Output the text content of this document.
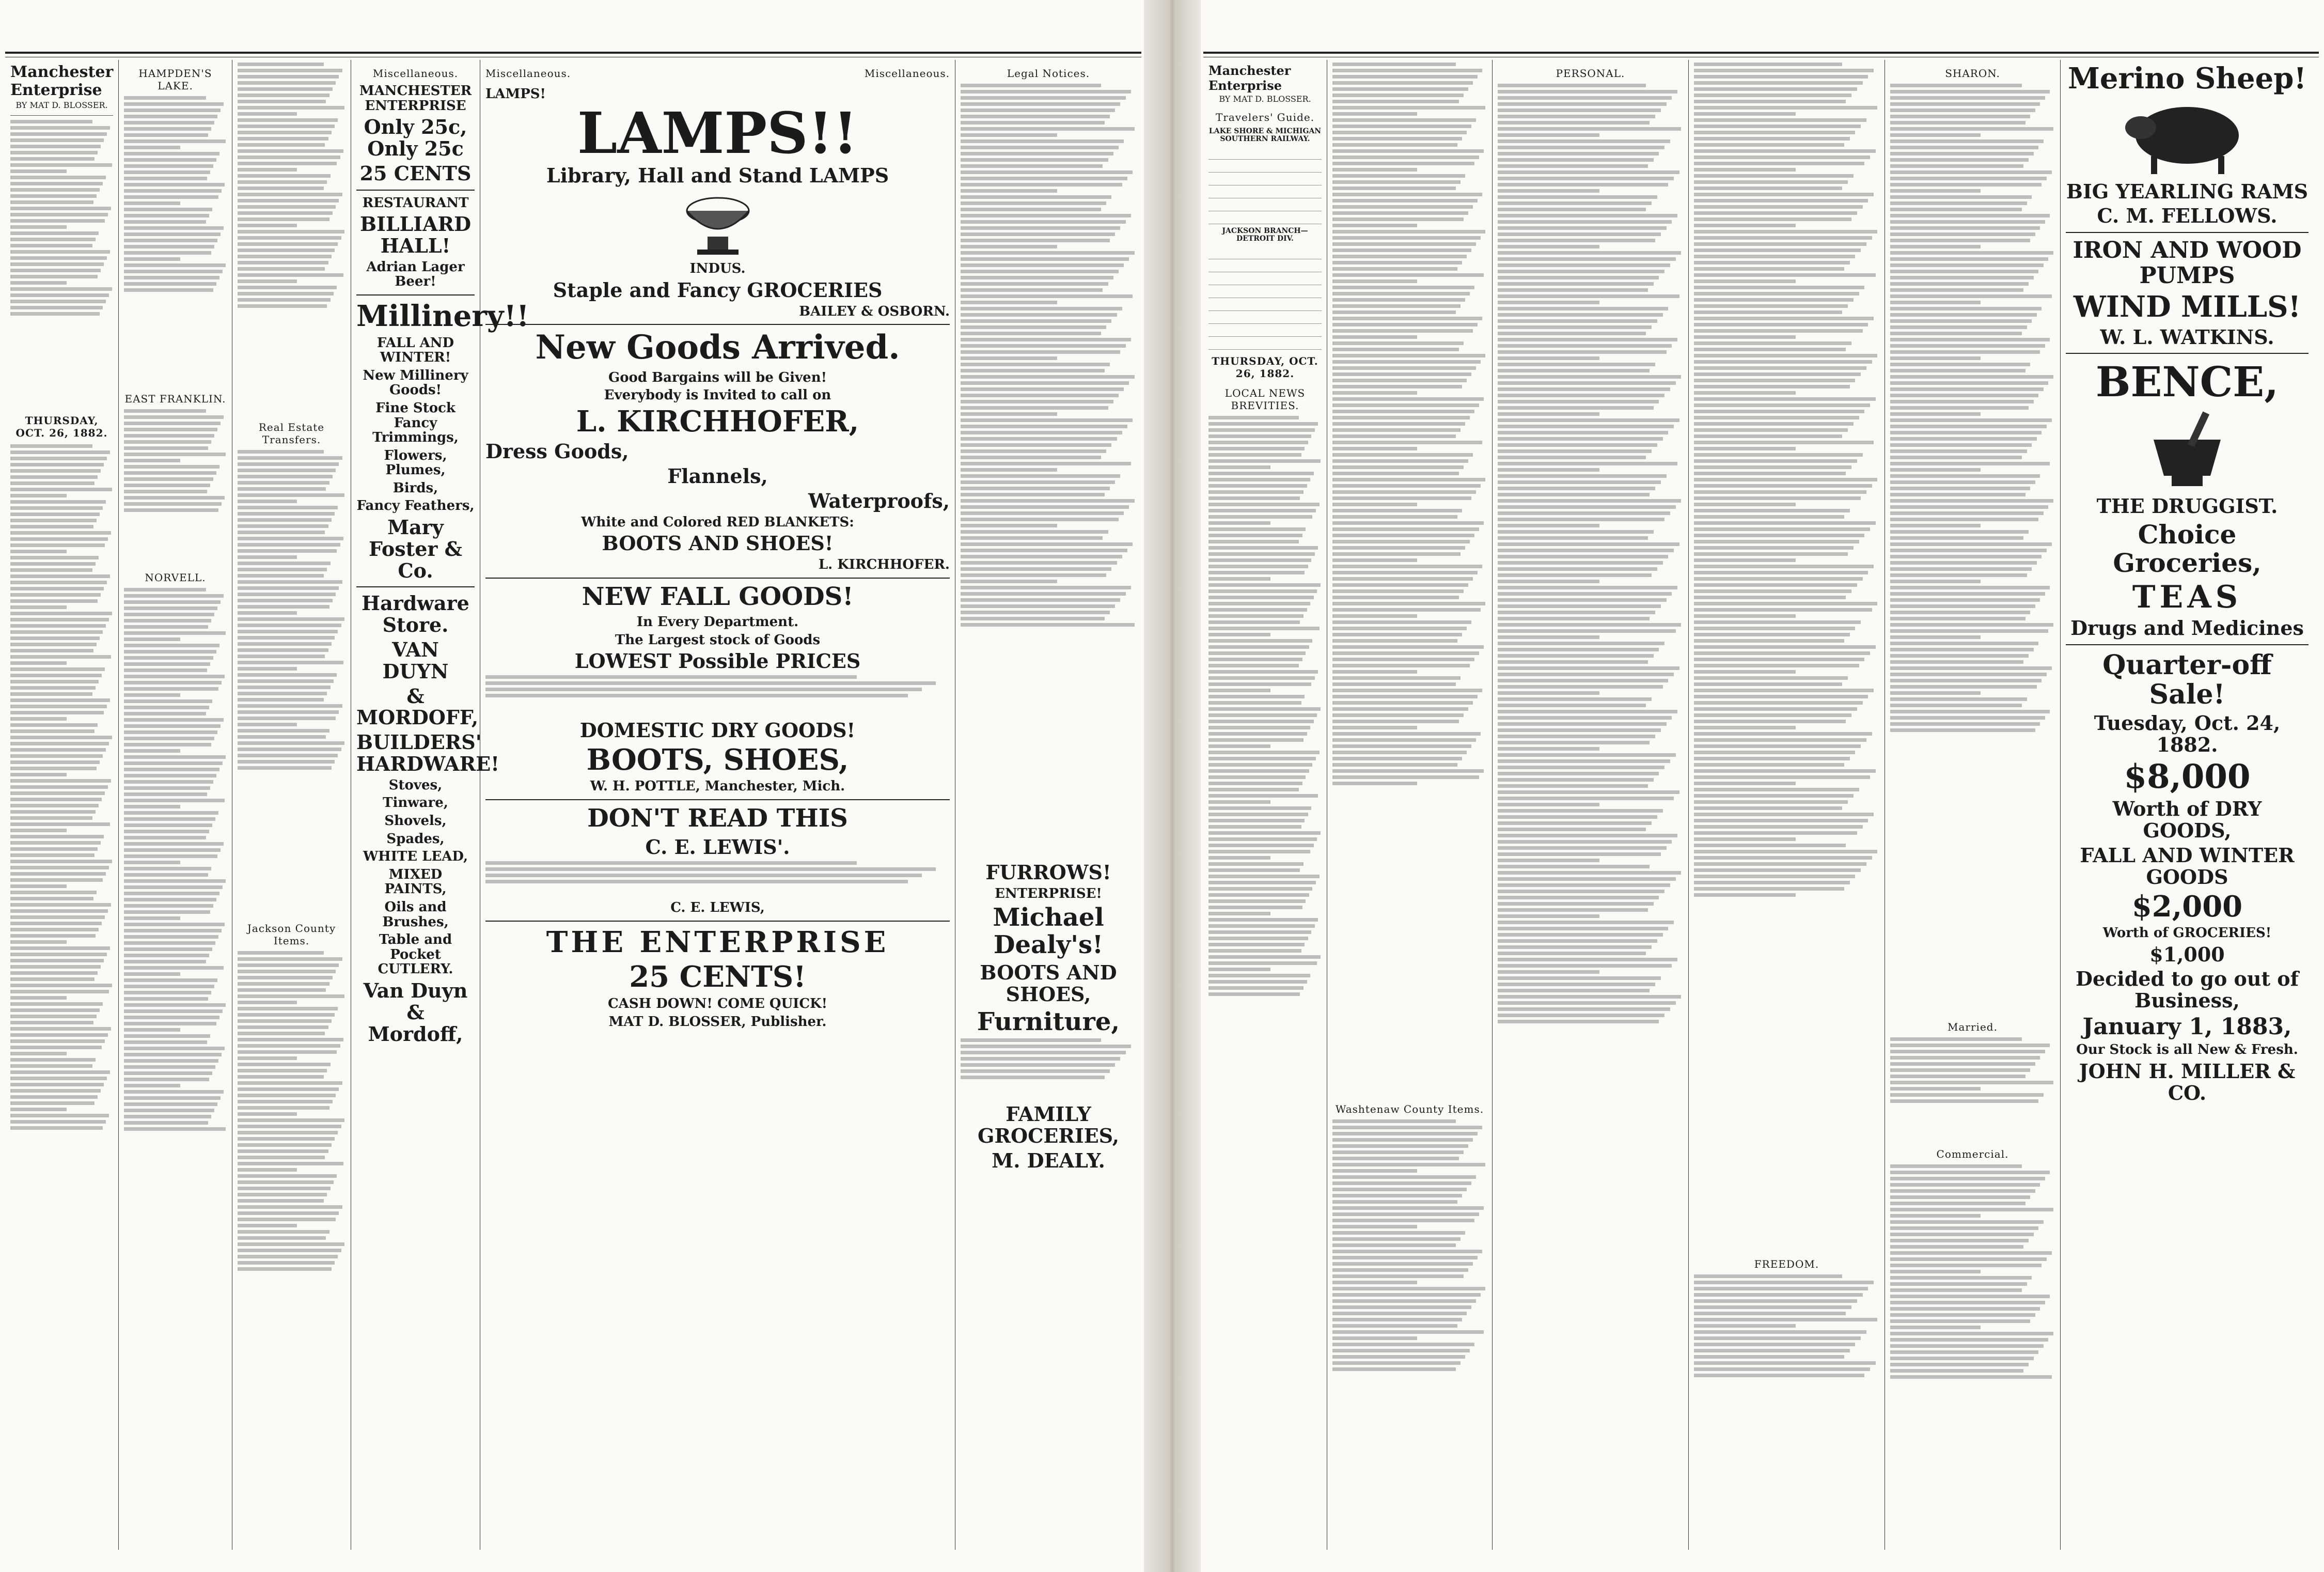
Manchester Enterprise
BY MAT D. BLOSSER.
THURSDAY, OCT. 26, 1882.
HAMPDEN'S LAKE.
EAST FRANKLIN.
NORVELL.
Real Estate Transfers.
Jackson County Items.
Miscellaneous.
MANCHESTER ENTERPRISE
Only 25c, Only 25c
25 CENTS
RESTAURANT
BILLIARD HALL!
Adrian Lager Beer!
Millinery!!
FALL AND WINTER!
New Millinery Goods!
Fine Stock Fancy Trimmings,
Flowers, Plumes,
Birds,
Fancy Feathers,
Mary Foster & Co.
Hardware Store.
VAN DUYN
& MORDOFF,
BUILDERS' HARDWARE!
Stoves,
Tinware,
Shovels,
Spades,
WHITE LEAD,
MIXED PAINTS,
Oils and Brushes,
Table and Pocket CUTLERY.
Van Duyn & Mordoff,
Miscellaneous.	Miscellaneous.
LAMPS!
LAMPS!!
Library, Hall and Stand LAMPS
INDUS.
Staple and Fancy GROCERIES
BAILEY & OSBORN.
New Goods Arrived.
Good Bargains will be Given!
Everybody is Invited to call on
L. KIRCHHOFER,
Dress Goods,
Flannels,
Waterproofs,
White and Colored RED BLANKETS:
BOOTS AND SHOES!
L. KIRCHHOFER.
NEW FALL GOODS!
In Every Department.
The Largest stock of Goods
LOWEST Possible PRICES
DOMESTIC DRY GOODS!
BOOTS, SHOES,
W. H. POTTLE, Manchester, Mich.
DON'T READ THIS
C. E. LEWIS'.
C. E. LEWIS,
THE ENTERPRISE
25 CENTS!
CASH DOWN! COME QUICK!
MAT D. BLOSSER, Publisher.
Legal Notices.
FURROWS!
ENTERPRISE!
Michael Dealy's!
BOOTS AND SHOES,
Furniture,
FAMILY GROCERIES,
M. DEALY.
Manchester Enterprise
BY MAT D. BLOSSER.
Travelers' Guide.
LAKE SHORE & MICHIGAN SOUTHERN RAILWAY.

JACKSON BRANCH—DETROIT DIV.

THURSDAY, OCT. 26, 1882.
LOCAL NEWS BREVITIES.
Washtenaw County Items.
PERSONAL.
FREEDOM.
SHARON.
Married.
Commercial.
Merino Sheep!
BIG YEARLING RAMS
C. M. FELLOWS.
IRON AND WOOD PUMPS
WIND MILLS!
W. L. WATKINS.
BENCE,
THE DRUGGIST.
Choice Groceries,
TEAS
Drugs and Medicines
Quarter-off Sale!
Tuesday, Oct. 24, 1882.
$8,000
Worth of DRY GOODS,
FALL AND WINTER GOODS
$2,000
Worth of GROCERIES!
$1,000
Decided to go out of Business,
January 1, 1883,
Our Stock is all New & Fresh.
JOHN H. MILLER & CO.
